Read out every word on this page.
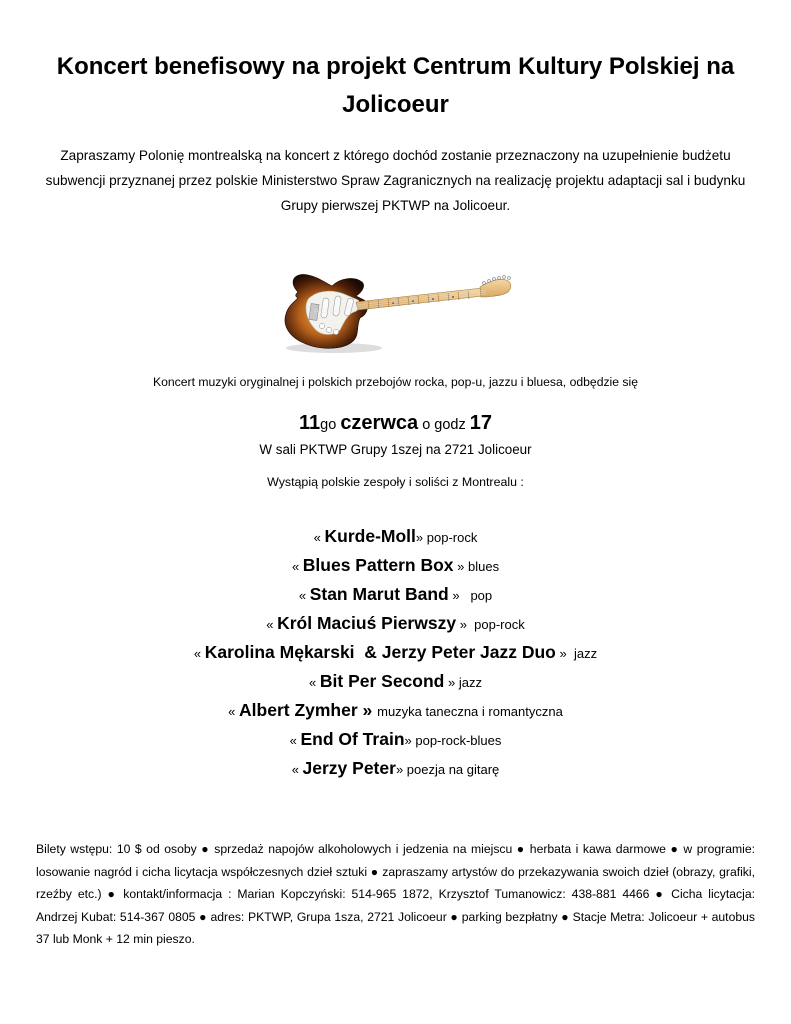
Koncert benefisowy na projekt Centrum Kultury Polskiej na Jolicoeur

Zapraszamy Polonię montrealską na koncert z którego dochód zostanie przeznaczony na uzupełnienie budżetu subwencji przyznanej przez polskie Ministerstwo Spraw Zagranicznych na realizację projektu adaptacji sal i budynku Grupy pierwszej PKTWP na Jolicoeur.

Koncert muzyki oryginalnej i polskich przebojów rocka, pop-u, jazzu i bluesa, odbędzie się

11go czerwca o godz 17

W sali PKTWP Grupy 1szej na 2721 Jolicoeur

Wystąpią polskie zespoły i soliści z Montrealu :

« Kurde-Moll» pop-rock
« Blues Pattern Box » blues
« Stan Marut Band »   pop
« Król Maciuś Pierwszy »  pop-rock
« Karolina Mękarski  & Jerzy Peter Jazz Duo »  jazz
« Bit Per Second » jazz
« Albert Zymher » muzyka taneczna i romantyczna
« End Of Train» pop-rock-blues
« Jerzy Peter» poezja na gitarę

Bilety wstępu: 10 $ od osoby ● sprzedaż napojów alkoholowych i jedzenia na miejscu ● herbata i kawa darmowe ● w programie: losowanie nagród i cicha licytacja współczesnych dzieł sztuki ● zapraszamy artystów do przekazywania swoich dzieł (obrazy, grafiki, rzeźby etc.) ● kontakt/informacja : Marian Kopczyński: 514-965 1872, Krzysztof Tumanowicz: 438-881 4466 ● Cicha licytacja: Andrzej Kubat: 514-367 0805 ● adres: PKTWP, Grupa 1sza, 2721 Jolicoeur ● parking bezpłatny ● Stacje Metra: Jolicoeur + autobus 37 lub Monk + 12 min pieszo.
